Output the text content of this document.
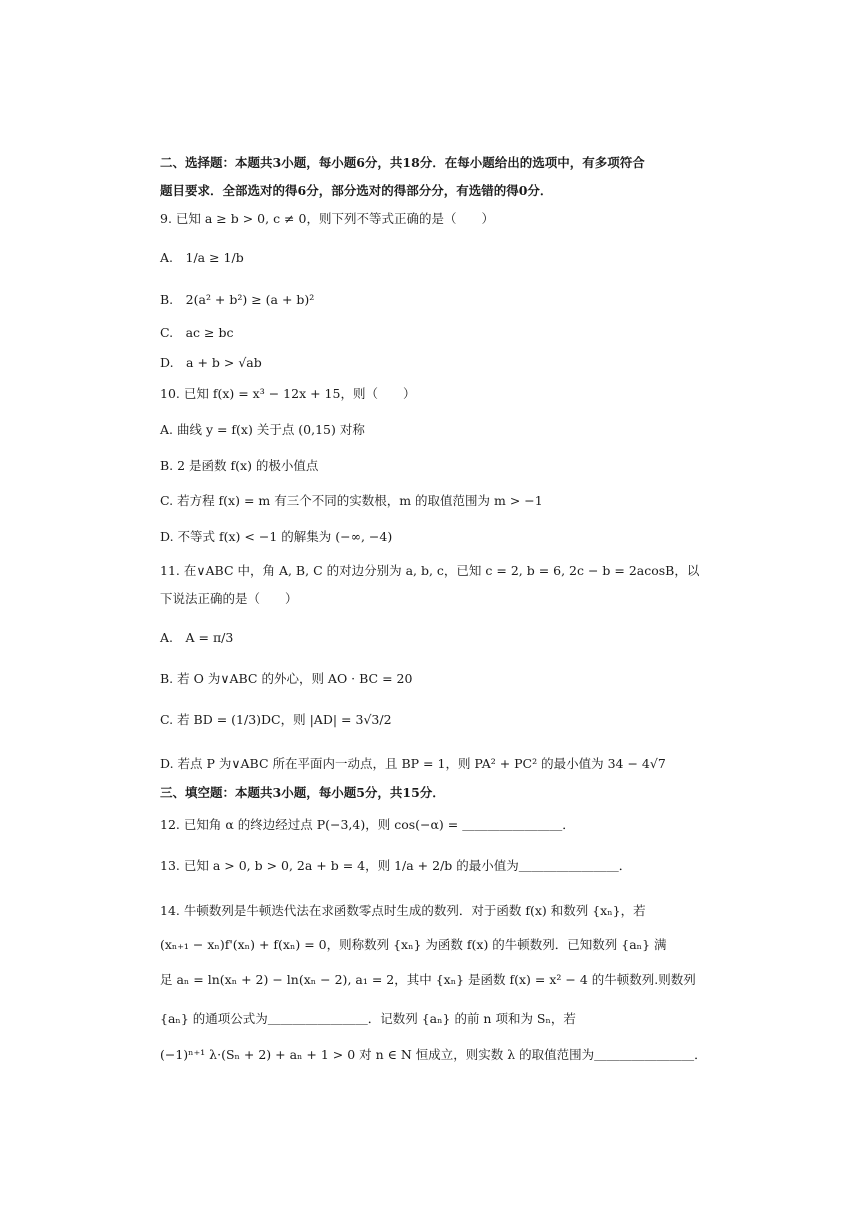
二、选择题：本题共3小题，每小题6分，共18分．在每小题给出的选项中，有多项符合
题目要求．全部选对的得6分，部分选对的得部分分，有选错的得0分．
9. 已知 a ≥ b > 0, c ≠ 0，则下列不等式正确的是（　　）
A.　1/a ≥ 1/b
B.　2(a² + b²) ≥ (a + b)²
C.　ac ≥ bc
D.　a + b > √ab
10. 已知 f(x) = x³ − 12x + 15，则（　　）
A. 曲线 y = f(x) 关于点 (0,15) 对称
B. 2 是函数 f(x) 的极小值点
C. 若方程 f(x) = m 有三个不同的实数根，m 的取值范围为 m > −1
D. 不等式 f(x) < −1 的解集为 (−∞, −4)
11. 在∨ABC 中，角 A, B, C 的对边分别为 a, b, c，已知 c = 2, b = 6, 2c − b = 2acosB，以
下说法正确的是（　　）
A.　A = π/3
B. 若 O 为∨ABC 的外心，则 AO · BC = 20
C. 若 BD = (1/3)DC，则 |AD| = 3√3/2
D. 若点 P 为∨ABC 所在平面内一动点，且 BP = 1，则 PA² + PC² 的最小值为 34 − 4√7
三、填空题：本题共3小题，每小题5分，共15分．
12. 已知角 α 的终边经过点 P(−3,4)，则 cos(−α) = ＿＿＿＿＿＿＿＿．
13. 已知 a > 0, b > 0, 2a + b = 4，则 1/a + 2/b 的最小值为＿＿＿＿＿＿＿＿．
14. 牛顿数列是牛顿迭代法在求函数零点时生成的数列．对于函数 f(x) 和数列 {xₙ}，若
(xₙ₊₁ − xₙ)f'(xₙ) + f(xₙ) = 0，则称数列 {xₙ} 为函数 f(x) 的牛顿数列．已知数列 {aₙ} 满
足 aₙ = ln(xₙ + 2) − ln(xₙ − 2), a₁ = 2，其中 {xₙ} 是函数 f(x) = x² − 4 的牛顿数列.则数列
{aₙ} 的通项公式为＿＿＿＿＿＿＿＿．记数列 {aₙ} 的前 n 项和为 Sₙ，若
(−1)ⁿ⁺¹ λ·(Sₙ + 2) + aₙ + 1 > 0 对 n ∈ N 恒成立，则实数 λ 的取值范围为＿＿＿＿＿＿＿＿．
